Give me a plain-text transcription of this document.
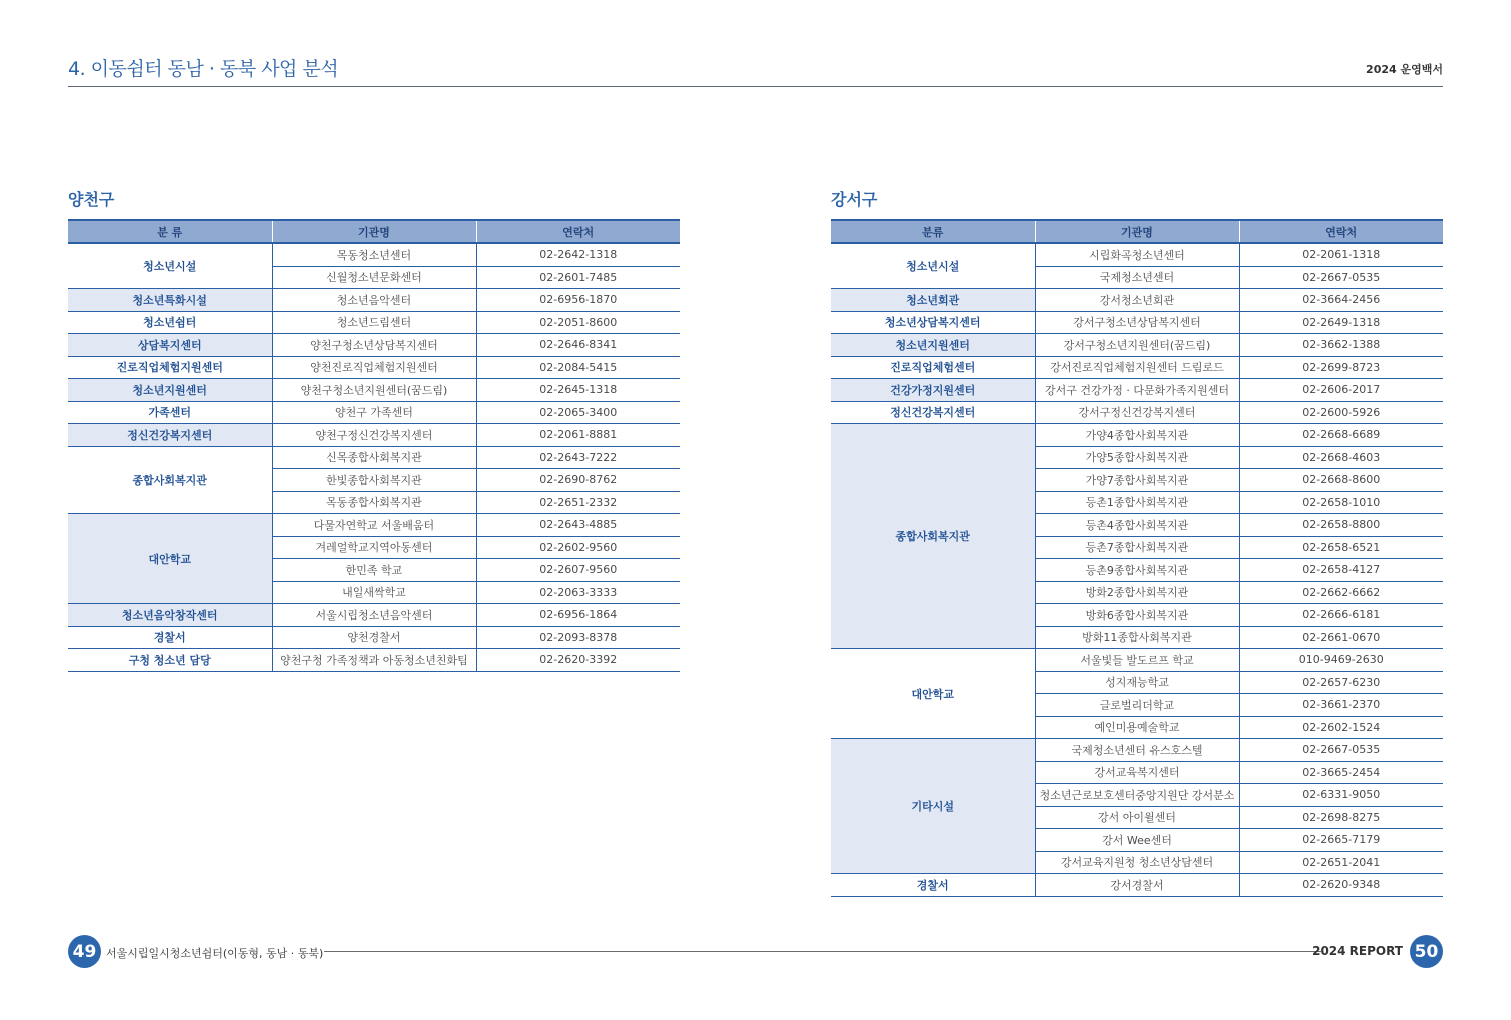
4. 이동쉼터 동남 · 동북 사업 분석	2024 운영백서
양천구
분 류	기관명	연락처
청소년시설	목동청소년센터	02-2642-1318
	신월청소년문화센터	02-2601-7485
청소년특화시설	청소년음악센터	02-6956-1870
청소년쉼터	청소년드림센터	02-2051-8600
상담복지센터	양천구청소년상담복지센터	02-2646-8341
진로직업체험지원센터	양천진로직업체험지원센터	02-2084-5415
청소년지원센터	양천구청소년지원센터(꿈드림)	02-2645-1318
가족센터	양천구 가족센터	02-2065-3400
정신건강복지센터	양천구정신건강복지센터	02-2061-8881
종합사회복지관	신목종합사회복지관	02-2643-7222
	한빛종합사회복지관	02-2690-8762
	목동종합사회복지관	02-2651-2332
대안학교	다물자연학교 서울배움터	02-2643-4885
	겨레얼학교지역아동센터	02-2602-9560
	한민족 학교	02-2607-9560
	내일새싹학교	02-2063-3333
청소년음악창작센터	서울시립청소년음악센터	02-6956-1864
경찰서	양천경찰서	02-2093-8378
구청 청소년 담당	양천구청 가족정책과 아동청소년친화팀	02-2620-3392
강서구
분류	기관명	연락처
청소년시설	시립화곡청소년센터	02-2061-1318
	국제청소년센터	02-2667-0535
청소년회관	강서청소년회관	02-3664-2456
청소년상담복지센터	강서구청소년상담복지센터	02-2649-1318
청소년지원센터	강서구청소년지원센터(꿈드림)	02-3662-1388
진로직업체험센터	강서진로직업체험지원센터 드림로드	02-2699-8723
건강가정지원센터	강서구 건강가정 · 다문화가족지원센터	02-2606-2017
정신건강복지센터	강서구정신건강복지센터	02-2600-5926
종합사회복지관	가양4종합사회복지관	02-2668-6689
	가양5종합사회복지관	02-2668-4603
	가양7종합사회복지관	02-2668-8600
	등촌1종합사회복지관	02-2658-1010
	등촌4종합사회복지관	02-2658-8800
	등촌7종합사회복지관	02-2658-6521
	등촌9종합사회복지관	02-2658-4127
	방화2종합사회복지관	02-2662-6662
	방화6종합사회복지관	02-2666-6181
	방화11종합사회복지관	02-2661-0670
대안학교	서울빛들 발도르프 학교	010-9469-2630
	성지재능학교	02-2657-6230
	글로벌리더학교	02-3661-2370
	예인미용예술학교	02-2602-1524
기타시설	국제청소년센터 유스호스텔	02-2667-0535
	강서교육복지센터	02-3665-2454
	청소년근로보호센터중앙지원단 강서분소	02-6331-9050
	강서 아이윌센터	02-2698-8275
	강서 Wee센터	02-2665-7179
	강서교육지원청 청소년상담센터	02-2651-2041
경찰서	강서경찰서	02-2620-9348
49 서울시립일시청소년쉼터(이동형, 동남 · 동북)	2024 REPORT 50
